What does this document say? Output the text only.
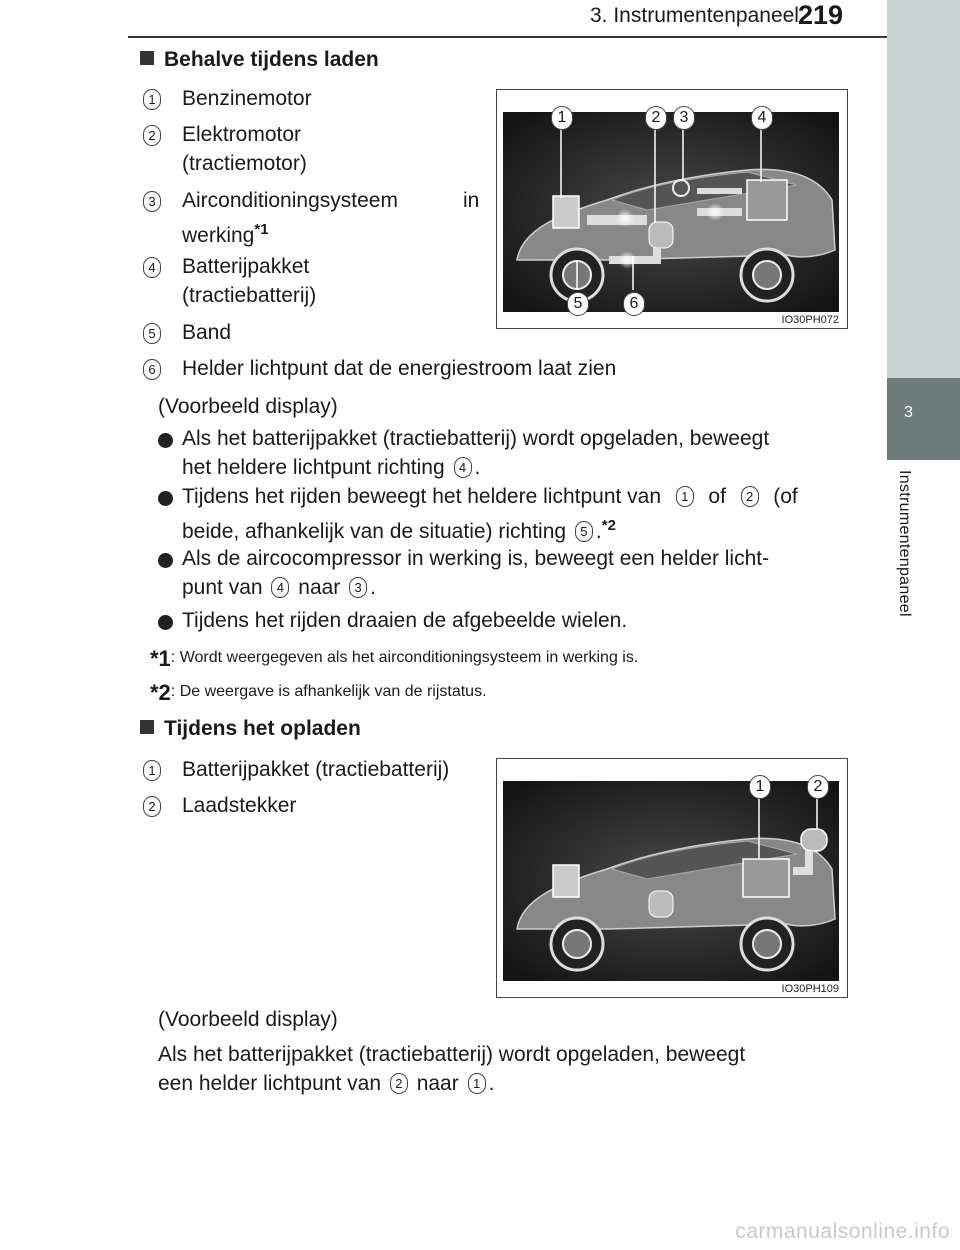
3. Instrumentenpaneel 219
3
Instrumentenpaneel
Behalve tijdens laden
1 Benzinemotor
2 Elektromotor
(tractiemotor)
3 Airconditioningsysteem	in
werking$^{*1}$
4 Batterijpakket
(tractiebatterij)
5 Band
6 Helder lichtpunt dat de energiestroom laat zien
(Voorbeeld display)
Als het batterijpakket (tractiebatterij) wordt opgeladen, beweegt
het heldere lichtpunt richting 4 .
Tijdens het rijden beweegt het heldere lichtpunt van 1 of 2 (of
beide, afhankelijk van de situatie) richting 5 .$^{*2}$
Als de aircocompressor in werking is, beweegt een helder licht-
punt van 4 naar 3 .
Tijdens het rijden draaien de afgebeelde wielen.
*1: Wordt weergegeven als het airconditioningsysteem in werking is.
*2: De weergave is afhankelijk van de rijstatus.
1	2	3	4
5	6
IO30PH072
Tijdens het opladen
1 Batterijpakket (tractiebatterij)
2 Laadstekker
1	2
IO30PH109
(Voorbeeld display)
Als het batterijpakket (tractiebatterij) wordt opgeladen, beweegt
een helder lichtpunt van 2 naar 1 .
carmanualsonline.info
